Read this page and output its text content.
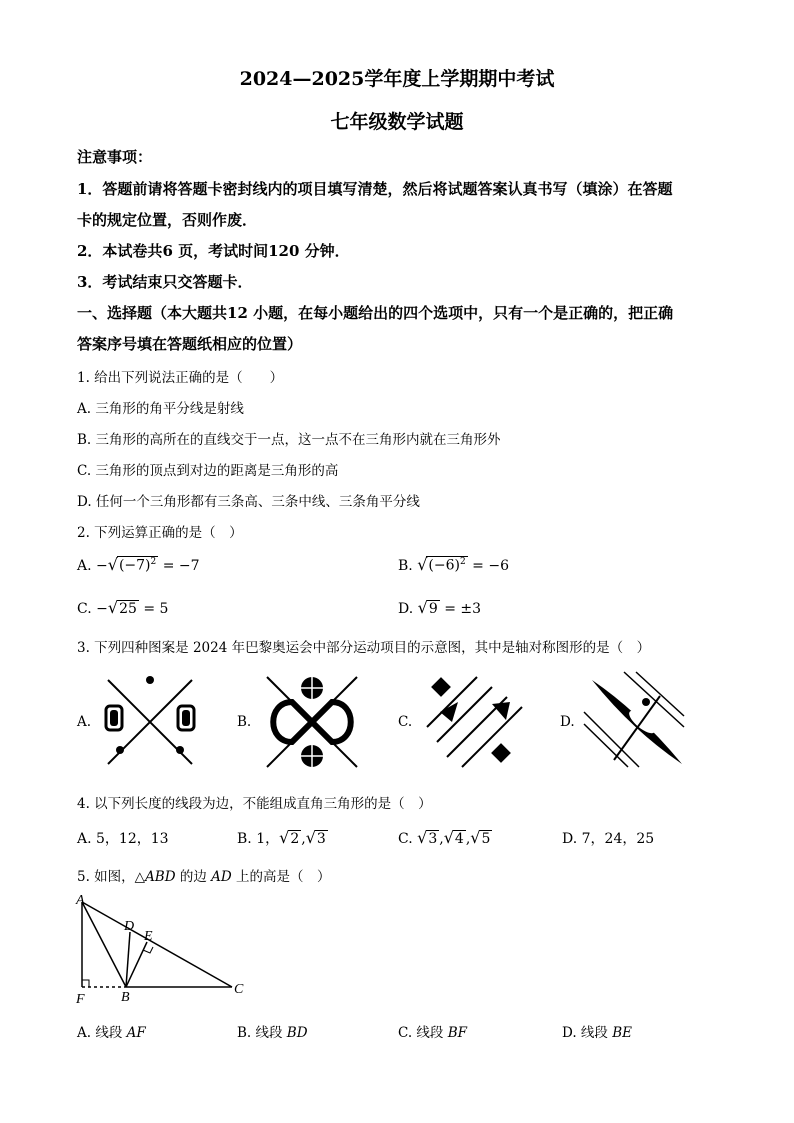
2024—2025学年度上学期期中考试
七年级数学试题
注意事项：
1．答题前请将答题卡密封线内的项目填写清楚，然后将试题答案认真书写（填涂）在答题
卡的规定位置，否则作废．
2．本试卷共6 页，考试时间120 分钟．
3．考试结束只交答题卡．
一、选择题（本大题共12 小题，在每小题给出的四个选项中，只有一个是正确的，把正确
答案序号填在答题纸相应的位置）
1. 给出下列说法正确的是（　　）
A. 三角形的角平分线是射线
B. 三角形的高所在的直线交于一点，这一点不在三角形内就在三角形外
C. 三角形的顶点到对边的距离是三角形的高
D. 任何一个三角形都有三条高、三条中线、三条角平分线
2. 下列运算正确的是（　）
A. $-√(-7)^2 = -7$	B. $√(-6)^2 = -6$
C. −√25 = 5	D. √9 = ±3
3. 下列四种图案是 2024 年巴黎奥运会中部分运动项目的示意图，其中是轴对称图形的是（　）
A.	B.	C.	D.
4. 以下列长度的线段为边，不能组成直角三角形的是（　）
A. 5，12，13	B. 1，√2 ,√3	C. √3 ,√4 ,√5	D. 7，24，25
5. 如图，△ABD 的边 AD 上的高是（　）
A
D
E
F	B
C
A. 线段 AF	B. 线段 BD	C. 线段 BF	D. 线段 BE
